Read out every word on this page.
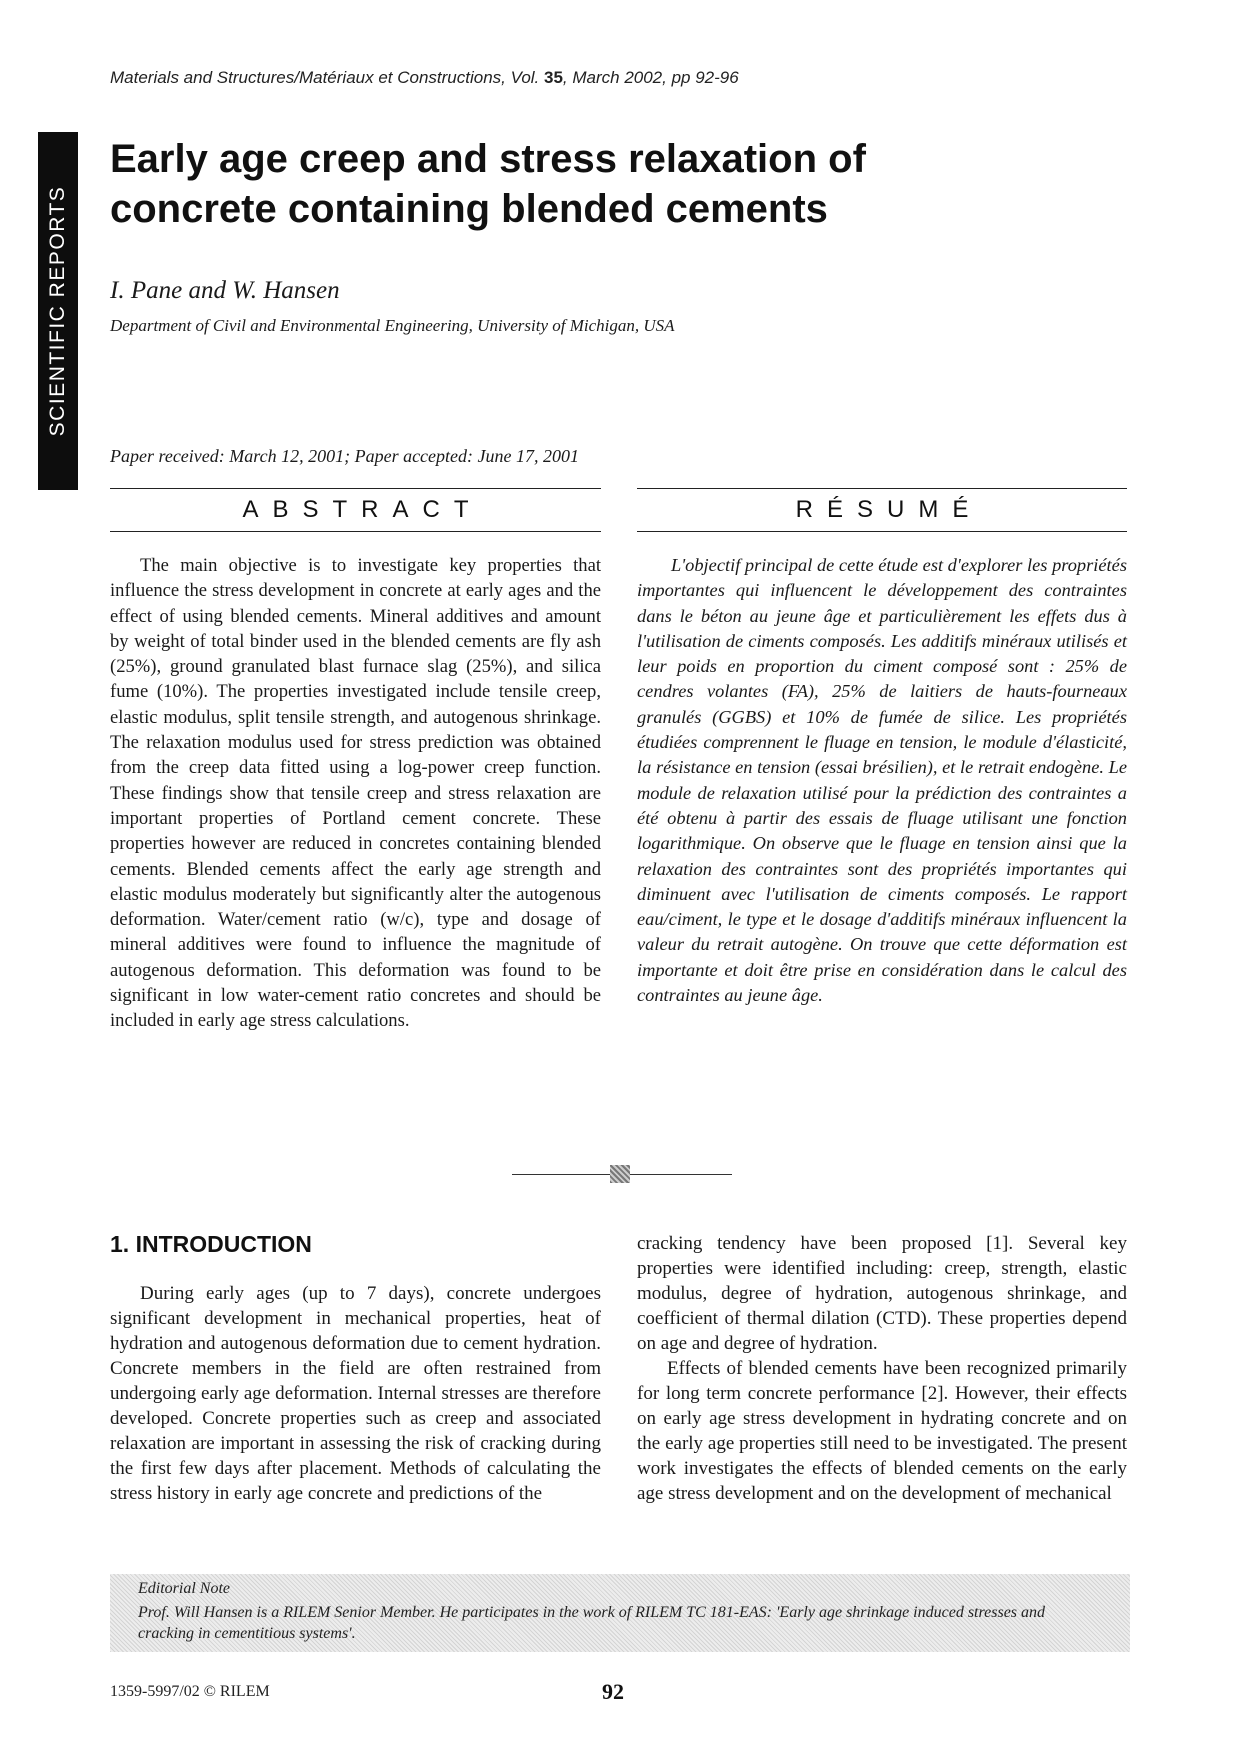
Materials and Structures/Matériaux et Constructions, Vol. 35, March 2002, pp 92-96
SCIENTIFIC REPORTS
Early age creep and stress relaxation of concrete containing blended cements
I. Pane and W. Hansen
Department of Civil and Environmental Engineering, University of Michigan, USA
Paper received: March 12, 2001; Paper accepted: June 17, 2001
ABSTRACT

The main objective is to investigate key properties that influence the stress development in concrete at early ages and the effect of using blended cements. Mineral additives and amount by weight of total binder used in the blended cements are fly ash (25%), ground granulated blast furnace slag (25%), and silica fume (10%). The properties investigated include tensile creep, elastic modulus, split tensile strength, and autogenous shrinkage. The relaxation modulus used for stress prediction was obtained from the creep data fitted using a log-power creep function. These findings show that tensile creep and stress relaxation are important properties of Portland cement concrete. These properties however are reduced in concretes containing blended cements. Blended cements affect the early age strength and elastic modulus moderately but significantly alter the autogenous deformation. Water/cement ratio (w/c), type and dosage of mineral additives were found to influence the magnitude of autogenous deformation. This deformation was found to be significant in low water-cement ratio concretes and should be included in early age stress calculations.

RÉSUMÉ

L'objectif principal de cette étude est d'explorer les propriétés importantes qui influencent le développement des contraintes dans le béton au jeune âge et particulièrement les effets dus à l'utilisation de ciments composés. Les additifs minéraux utilisés et leur poids en proportion du ciment composé sont : 25% de cendres volantes (FA), 25% de laitiers de hauts-fourneaux granulés (GGBS) et 10% de fumée de silice. Les propriétés étudiées comprennent le fluage en tension, le module d'élasticité, la résistance en tension (essai brésilien), et le retrait endogène. Le module de relaxation utilisé pour la prédiction des contraintes a été obtenu à partir des essais de fluage utilisant une fonction logarithmique. On observe que le fluage en tension ainsi que la relaxation des contraintes sont des propriétés importantes qui diminuent avec l'utilisation de ciments composés. Le rapport eau/ciment, le type et le dosage d'additifs minéraux influencent la valeur du retrait autogène. On trouve que cette déformation est importante et doit être prise en considération dans le calcul des contraintes au jeune âge.

1. INTRODUCTION

During early ages (up to 7 days), concrete undergoes significant development in mechanical properties, heat of hydration and autogenous deformation due to cement hydration. Concrete members in the field are often restrained from undergoing early age deformation. Internal stresses are therefore developed. Concrete properties such as creep and associated relaxation are important in assessing the risk of cracking during the first few days after placement. Methods of calculating the stress history in early age concrete and predictions of the

cracking tendency have been proposed [1]. Several key properties were identified including: creep, strength, elastic modulus, degree of hydration, autogenous shrinkage, and coefficient of thermal dilation (CTD). These properties depend on age and degree of hydration.

Effects of blended cements have been recognized primarily for long term concrete performance [2]. However, their effects on early age stress development in hydrating concrete and on the early age properties still need to be investigated. The present work investigates the effects of blended cements on the early age stress development and on the development of mechanical

Editorial Note
Prof. Will Hansen is a RILEM Senior Member. He participates in the work of RILEM TC 181-EAS: 'Early age shrinkage induced stresses and cracking in cementitious systems'.
1359-5997/02 © RILEM	92
